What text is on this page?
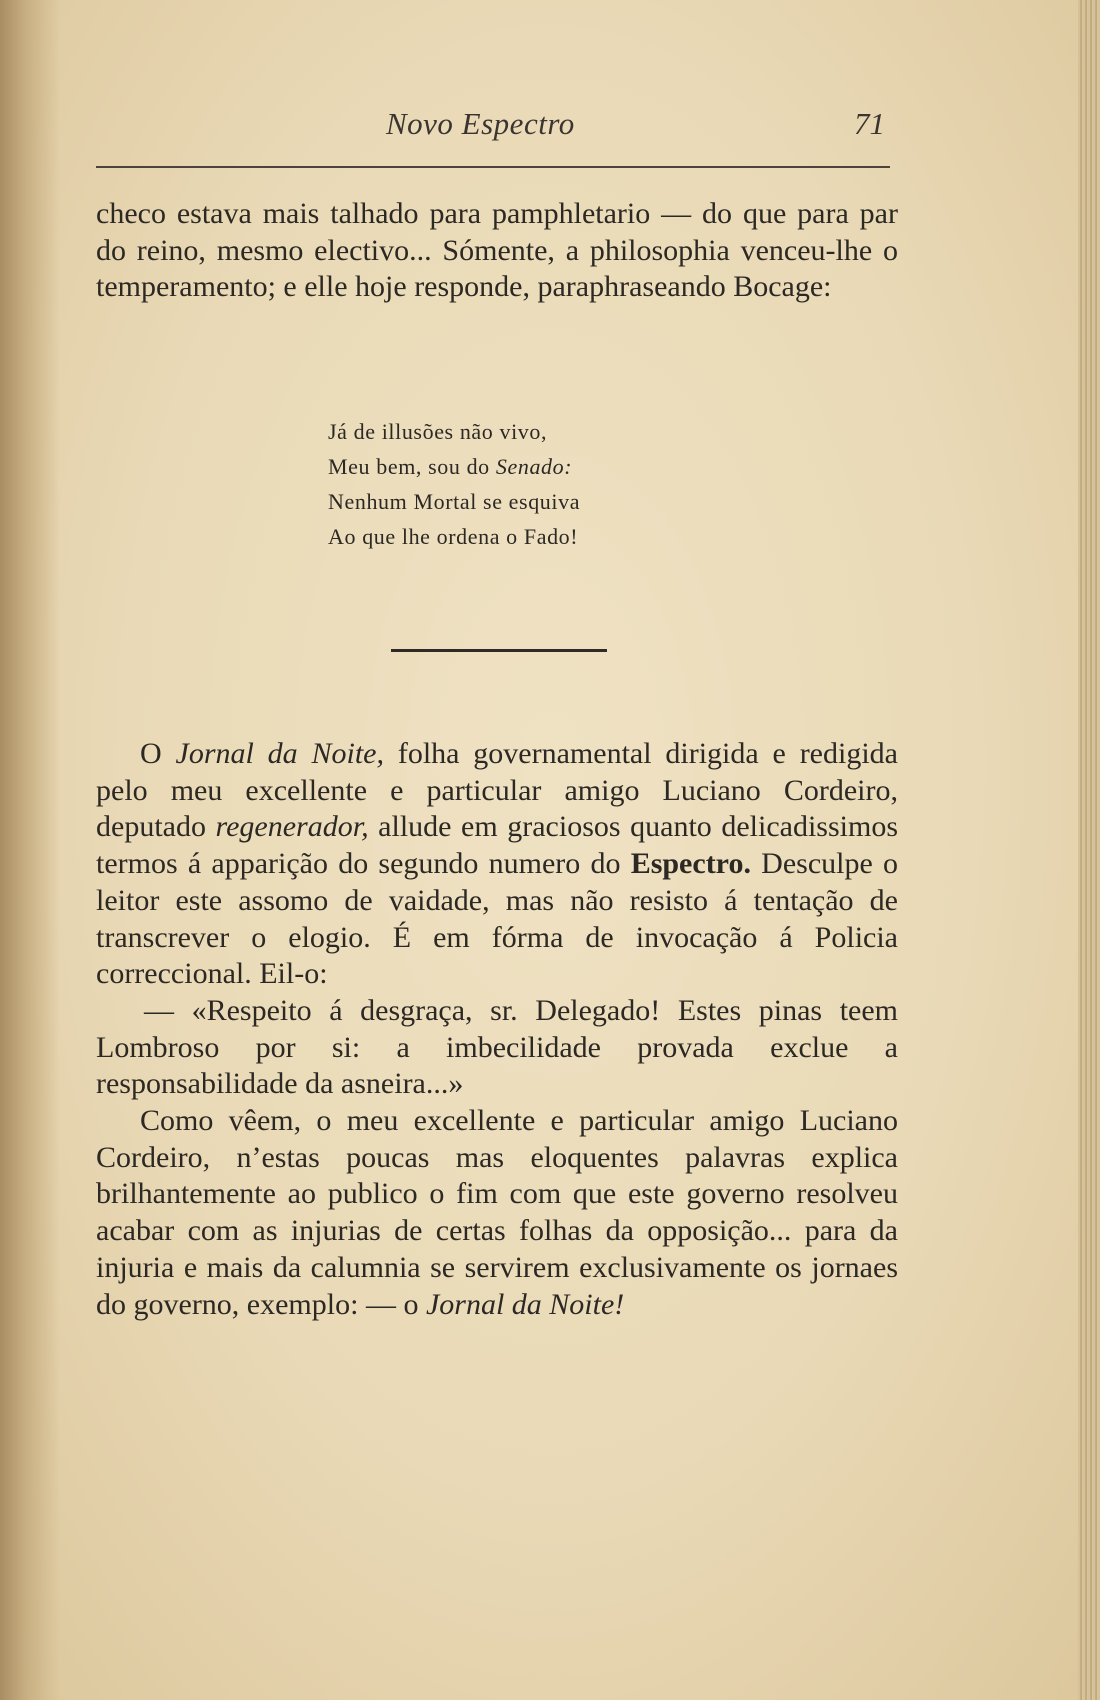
Novo Espectro	71

checo estava mais talhado para pamphletario — do que para par do reino, mesmo electivo... Sómente, a philosophia venceu-lhe o temperamento; e elle hoje responde, paraphraseando Bocage:

Já de illusões não vivo,
Meu bem, sou do Senado:
Nenhum Mortal se esquiva
Ao que lhe ordena o Fado!

O Jornal da Noite, folha governamental dirigida e redigida pelo meu excellente e particular amigo Luciano Cordeiro, deputado regenerador, allude em graciosos quanto delicadissimos termos á apparição do segundo numero do Espectro. Desculpe o leitor este assomo de vaidade, mas não resisto á tentação de transcrever o elogio. É em fórma de invocação á Policia correccional. Eil-o:

— «Respeito á desgraça, sr. Delegado! Estes pinas teem Lombroso por si: a imbecilidade provada exclue a responsabilidade da asneira...»

Como vêem, o meu excellente e particular amigo Luciano Cordeiro, n’estas poucas mas eloquentes palavras explica brilhantemente ao publico o fim com que este governo resolveu acabar com as injurias de certas folhas da opposição... para da injuria e mais da calumnia se servirem exclusivamente os jornaes do governo, exemplo: — o Jornal da Noite!
